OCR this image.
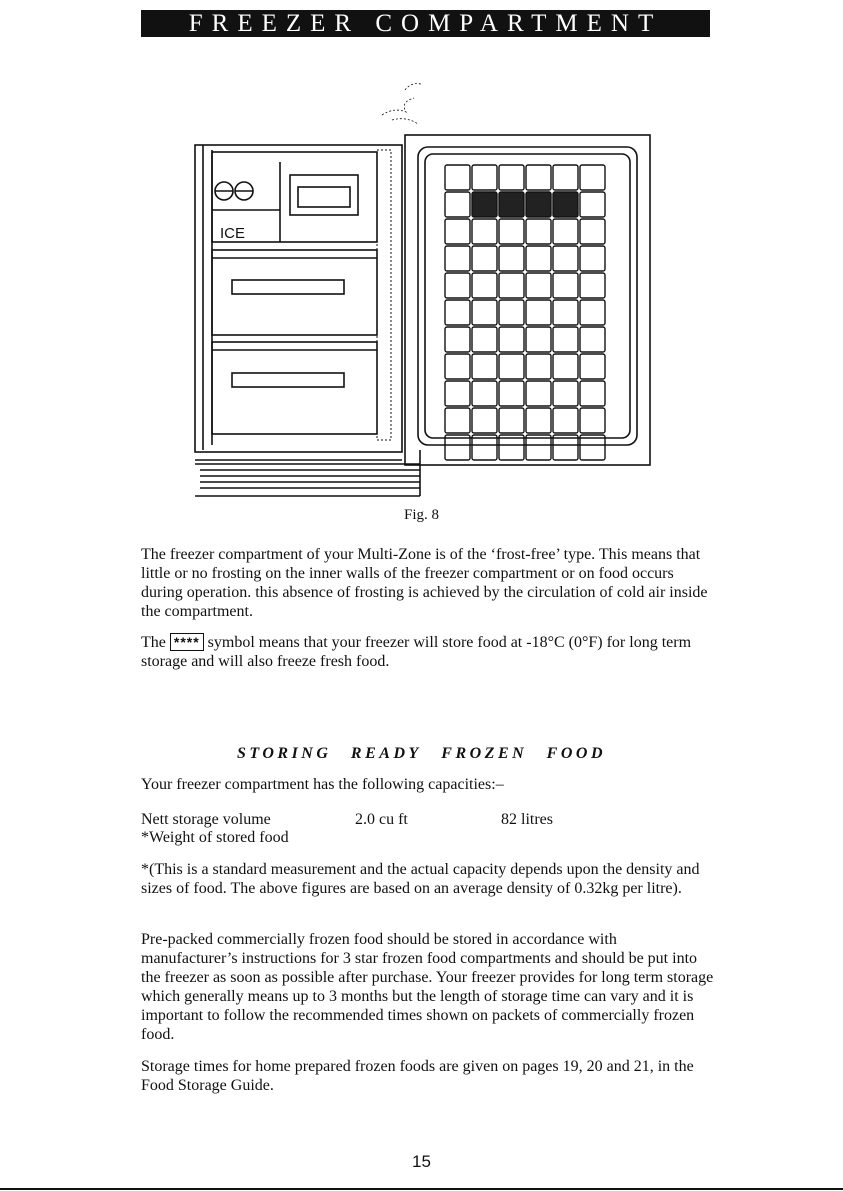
FREEZER COMPARTMENT
ICE
Fig. 8

The freezer compartment of your Multi-Zone is of the ‘frost-free’ type. This means that little or no frosting on the inner walls of the freezer compartment or on food occurs during operation. this absence of frosting is achieved by the circulation of cold air inside the compartment.

The **** symbol means that your freezer will store food at -18°C (0°F) for long term storage and will also freeze fresh food.

STORING READY FROZEN FOOD

Your freezer compartment has the following capacities:–

Nett storage volume	2.0 cu ft	82 litres
*Weight of stored food

*(This is a standard measurement and the actual capacity depends upon the density and sizes of food. The above figures are based on an average density of 0.32kg per litre).

Pre-packed commercially frozen food should be stored in accordance with manufacturer’s instructions for 3 star frozen food compartments and should be put into the freezer as soon as possible after purchase. Your freezer provides for long term storage which generally means up to 3 months but the length of storage time can vary and it is important to follow the recommended times shown on packets of commercially frozen food.

Storage times for home prepared frozen foods are given on pages 19, 20 and 21, in the Food Storage Guide.

15
